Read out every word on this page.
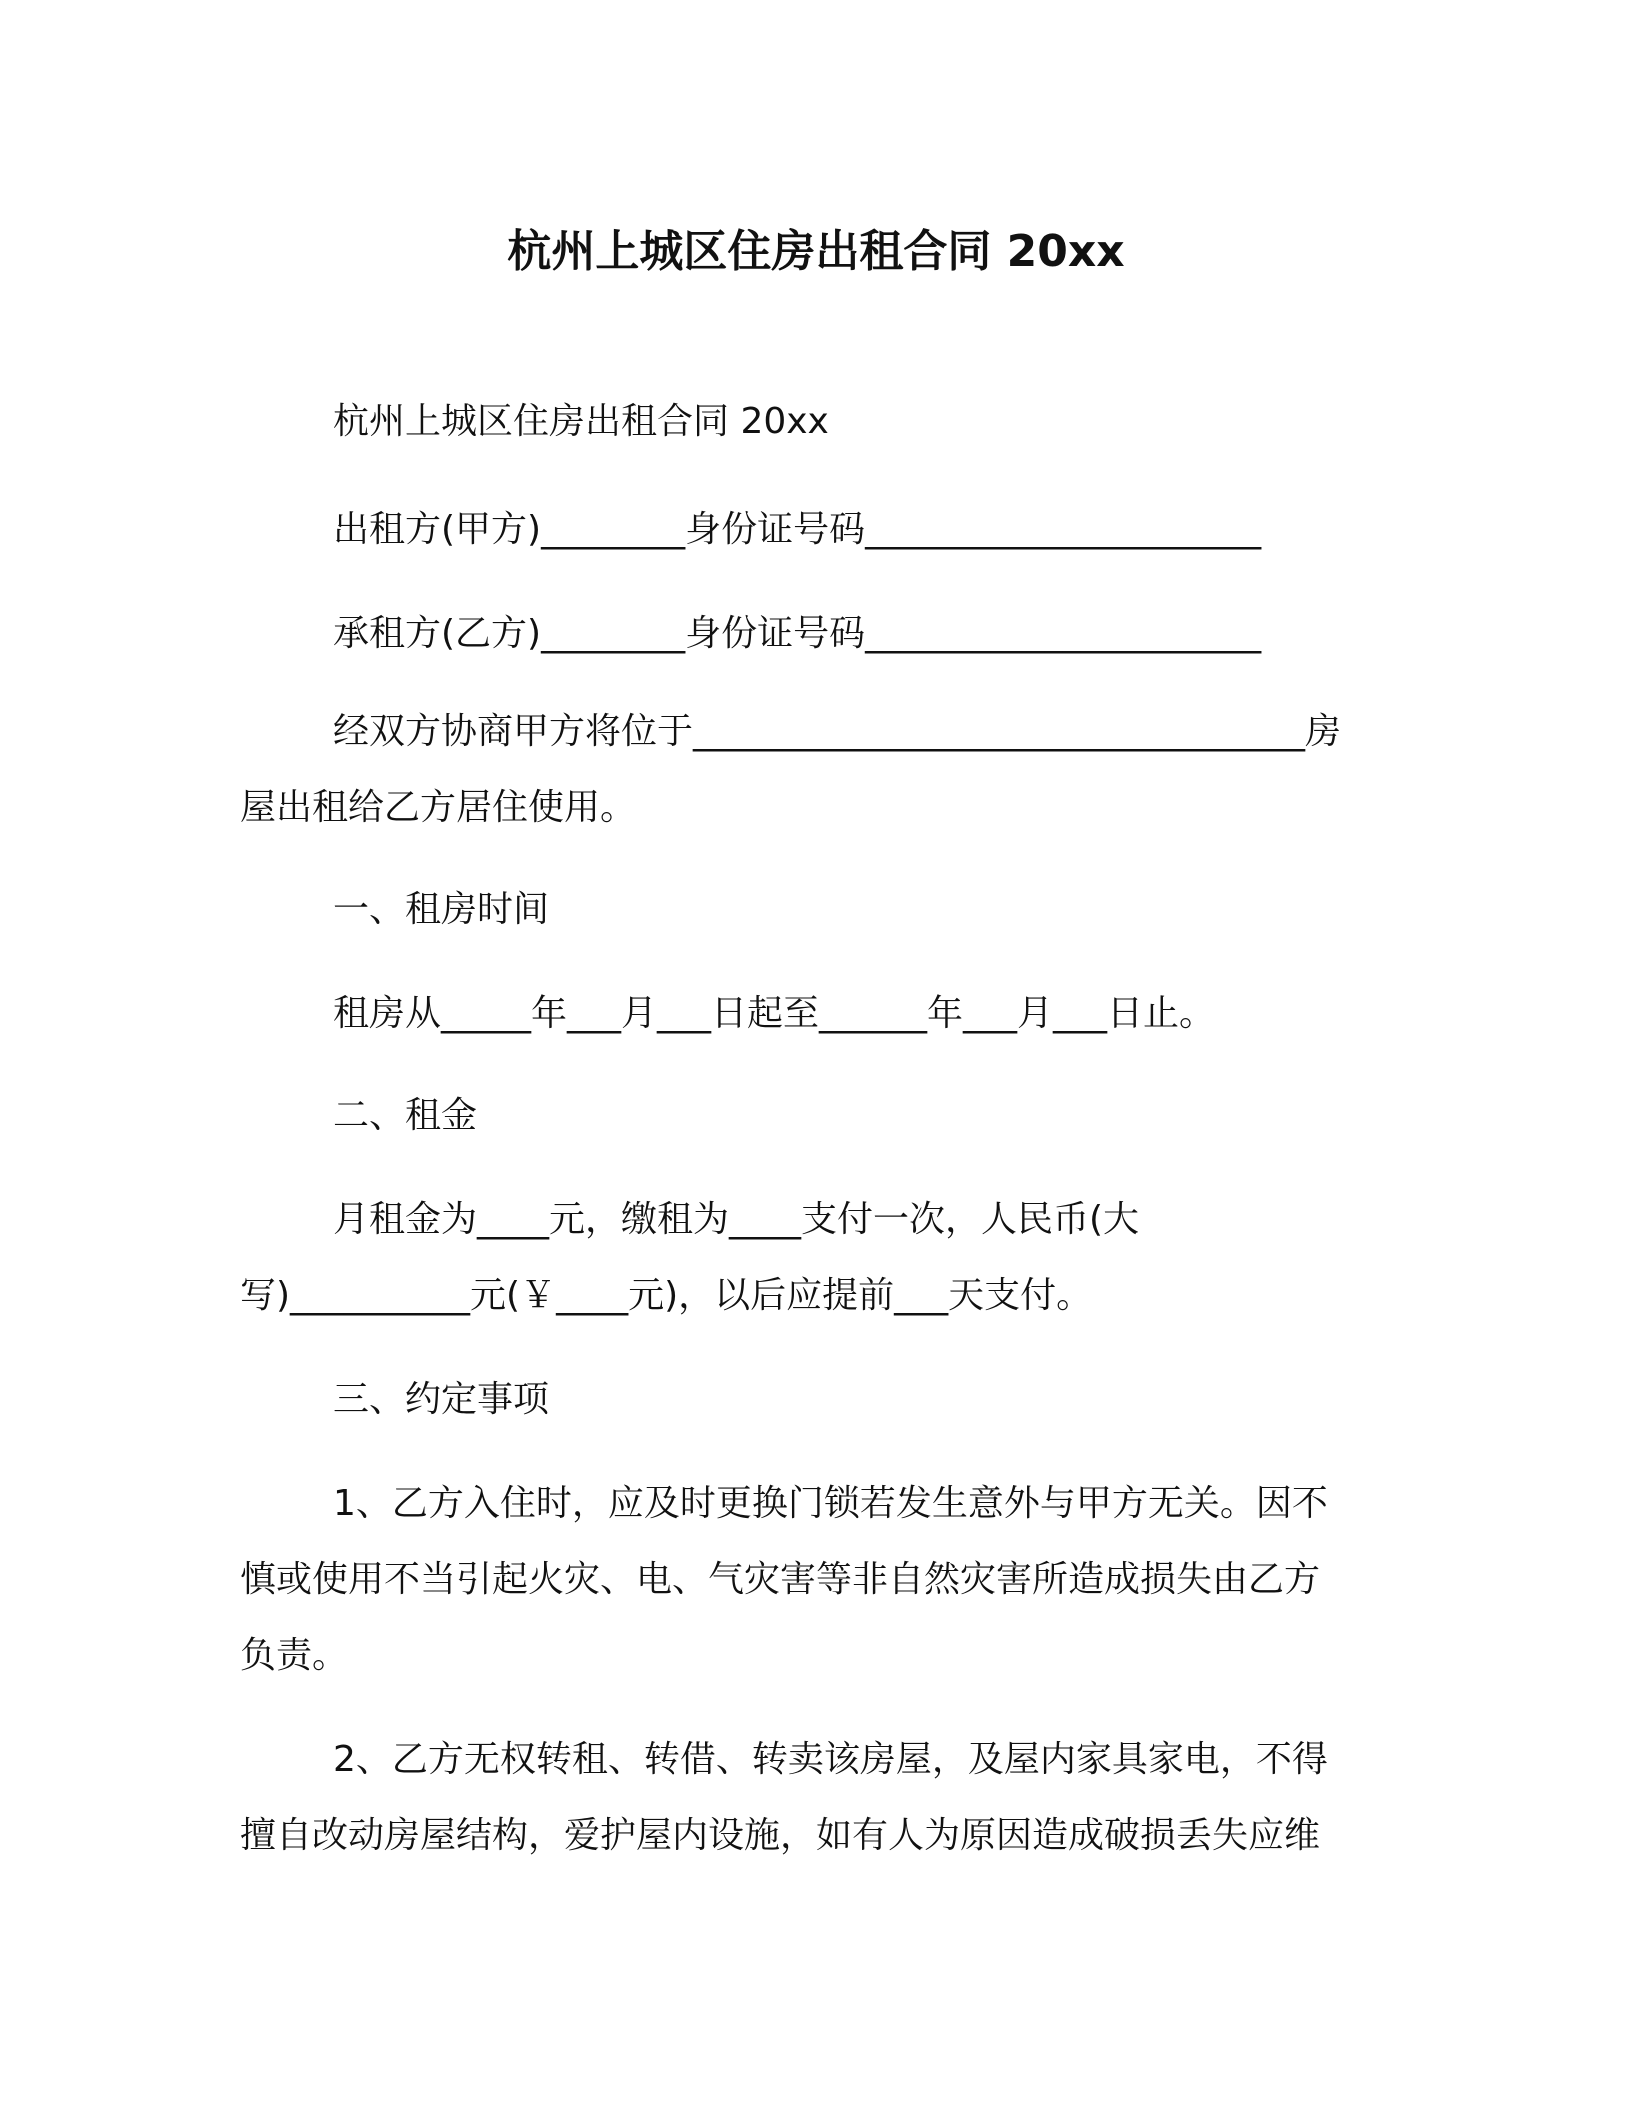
杭州上城区住房出租合同 20xx
杭州上城区住房出租合同 20xx
出租方(甲方)________身份证号码______________________
承租方(乙方)________身份证号码______________________
经双方协商甲方将位于__________________________________房
屋出租给乙方居住使用。
一、租房时间
租房从_____年___月___日起至______年___月___日止。
二、租金
月租金为____元，缴租为____支付一次，人民币(大
写)__________元(￥____元)，以后应提前___天支付。
三、约定事项
1、乙方入住时，应及时更换门锁若发生意外与甲方无关。因不
慎或使用不当引起火灾、电、气灾害等非自然灾害所造成损失由乙方
负责。
2、乙方无权转租、转借、转卖该房屋，及屋内家具家电，不得
擅自改动房屋结构，爱护屋内设施，如有人为原因造成破损丢失应维
